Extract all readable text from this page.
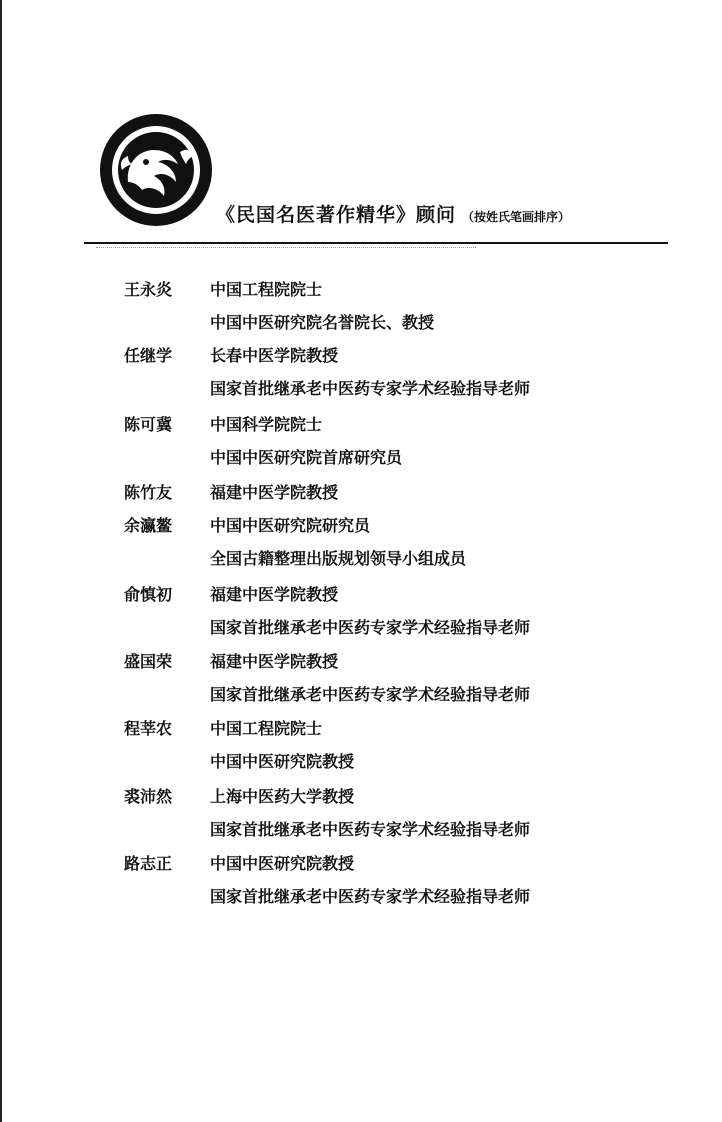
《民国名医著作精华》顾问 （按姓氏笔画排序）
王永炎	中国工程院院士
中国中医研究院名誉院长、教授
任继学	长春中医学院教授
国家首批继承老中医药专家学术经验指导老师
陈可冀	中国科学院院士
中国中医研究院首席研究员
陈竹友	福建中医学院教授
余瀛鳌	中国中医研究院研究员
全国古籍整理出版规划领导小组成员
俞慎初	福建中医学院教授
国家首批继承老中医药专家学术经验指导老师
盛国荣	福建中医学院教授
国家首批继承老中医药专家学术经验指导老师
程莘农	中国工程院院士
中国中医研究院教授
裘沛然	上海中医药大学教授
国家首批继承老中医药专家学术经验指导老师
路志正	中国中医研究院教授
国家首批继承老中医药专家学术经验指导老师
